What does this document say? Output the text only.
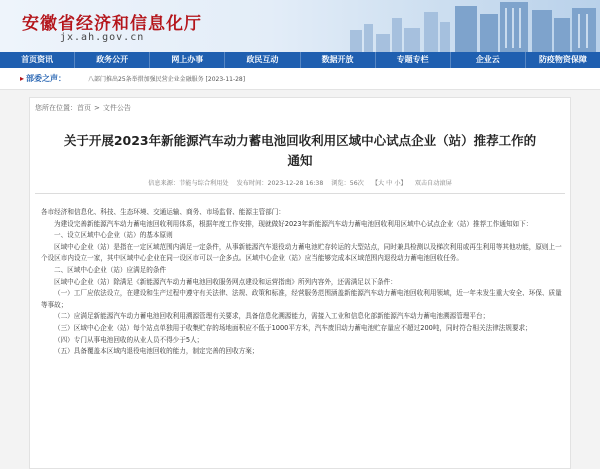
安徽省经济和信息化厅
jx.ah.gov.cn
首页资讯	政务公开	网上办事	政民互动	数据开放	专题专栏	企业云	防疫物资保障
▸ 部委之声：	八部门推出25条举措加强民营企业金融服务 [2023-11-28]
您所在位置：首页 > 文件公告
关于开展2023年新能源汽车动力蓄电池回收利用区域中心试点企业（站）推荐工作的
通知
信息来源：节能与综合利用处 发布时间：2023-12-28 16:38 浏览：56次 【大 中 小】 双击自动滚屏

各市经济和信息化、科技、生态环境、交通运输、商务、市场监督、能源主管部门：

为建设完善新能源汽车动力蓄电池回收利用体系，根据年度工作安排，现就做好2023年新能源汽车动力蓄电池回收利用区域中心试点企业（站）推荐工作通知如下：

一、设立区域中心企业（站）的基本原则

区域中心企业（站）是指在一定区域范围内满足一定条件，从事新能源汽车退役动力蓄电池贮存转运的大型站点，同时兼具检测以及梯次利用或再生利用等其他功能，原则上一个设区市内设立一家，其中区域中心企业在同一设区市可以一企多点。区域中心企业（站）应当能够完成本区域范围内退役动力蓄电池回收任务。

二、区域中心企业（站）应满足的条件

区域中心企业（站）除满足《新能源汽车动力蓄电池回收服务网点建设和运营指南》所列内容外，还需满足以下条件：

（一）工厂应依法设立，在建设和生产过程中遵守有关法律、法规、政策和标准，经营服务范围涵盖新能源汽车动力蓄电池回收利用领域，近一年未发生重大安全、环保、质量等事故；

（二）应满足新能源汽车动力蓄电池回收利用溯源管理有关要求，具备信息化溯源能力，需接入工业和信息化部新能源汽车动力蓄电池溯源管理平台；

（三）区域中心企业（站）每个站点单独用于收集贮存的场地面积应不低于1000平方米，汽车废旧动力蓄电池贮存量应不超过200吨，同时符合相关法律法规要求；

（四）专门从事电池回收的从业人员不得少于5人；

（五）具备覆盖本区域内退役电池回收的能力，制定完善的回收方案；
